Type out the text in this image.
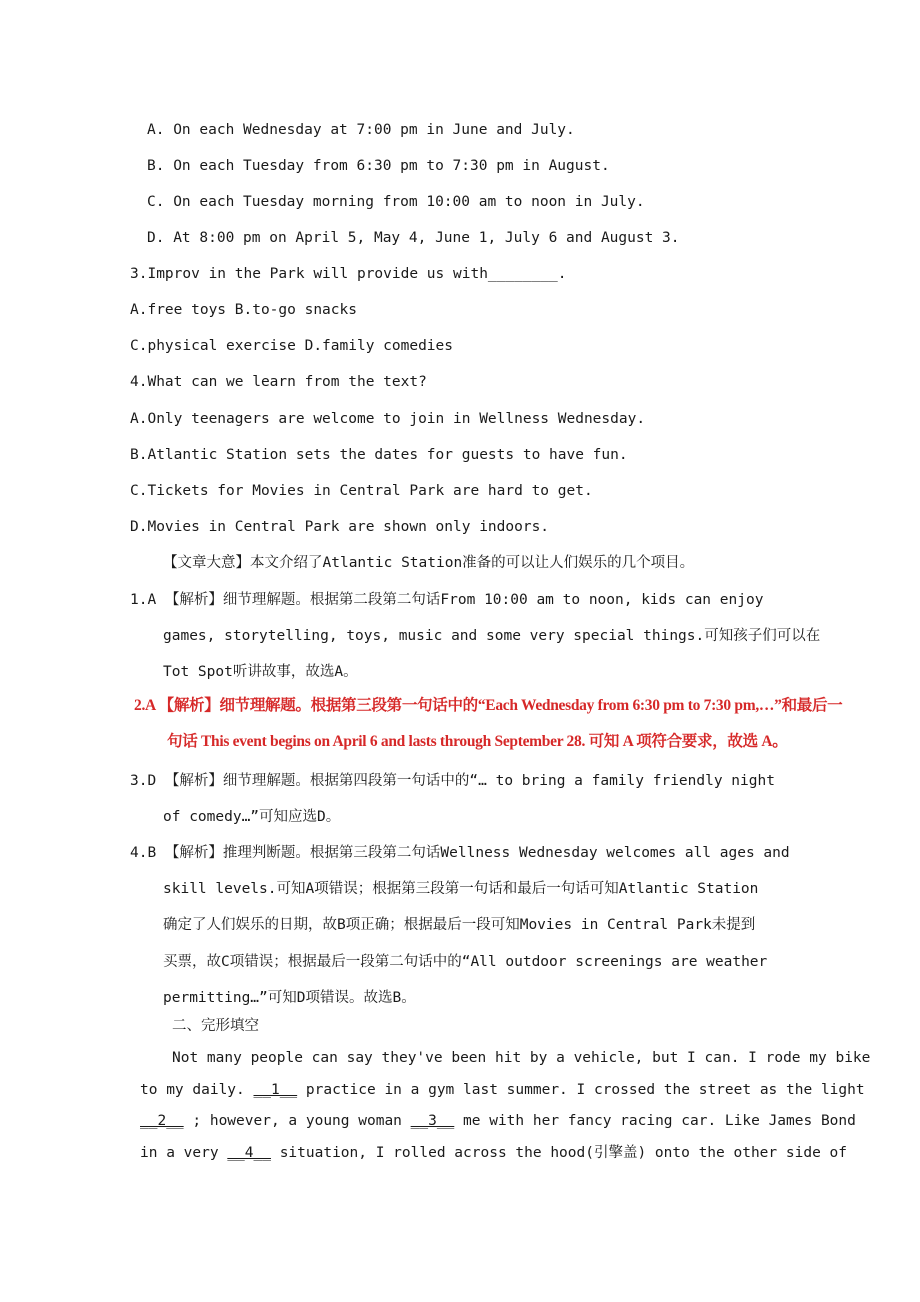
A. On each Wednesday at 7:00 pm in June and July.
B. On each Tuesday from 6:30 pm to 7:30 pm in August.
C. On each Tuesday morning from 10:00 am to noon in July.
D. At 8:00 pm on April 5, May 4, June 1, July 6 and August 3.
3.Improv in the Park will provide us with________.
A.free toys B.to-go snacks
C.physical exercise D.family comedies
4.What can we learn from the text?
A.Only teenagers are welcome to join in Wellness Wednesday.
B.Atlantic Station sets the dates for guests to have fun.
C.Tickets for Movies in Central Park are hard to get.
D.Movies in Central Park are shown only indoors.
【文章大意】本文介绍了Atlantic Station准备的可以让人们娱乐的几个项目。
1.A 【解析】细节理解题。根据第二段第二句话From 10:00 am to noon, kids can enjoy
games, storytelling, toys, music and some very special things.可知孩子们可以在
Tot Spot听讲故事，故选A。
2.A 【解析】细节理解题。根据第三段第一句话中的“Each Wednesday from 6:30 pm to 7:30 pm,…”和最后一
句话 This event begins on April 6 and lasts through September 28. 可知 A 项符合要求，故选 A。
3.D 【解析】细节理解题。根据第四段第一句话中的“… to bring a family friendly night
of comedy…”可知应选D。
4.B 【解析】推理判断题。根据第三段第二句话Wellness Wednesday welcomes all ages and
skill levels.可知A项错误；根据第三段第一句话和最后一句话可知Atlantic Station
确定了人们娱乐的日期，故B项正确；根据最后一段可知Movies in Central Park未提到
买票，故C项错误；根据最后一段第二句话中的“All outdoor screenings are weather
permitting…”可知D项错误。故选B。
二、完形填空
Not many people can say they've been hit by a vehicle, but I can. I rode my bike
to my daily. __1__ practice in a gym last summer. I crossed the street as the light
__2__ ; however, a young woman __3__ me with her fancy racing car. Like James Bond
in a very __4__ situation, I rolled across the hood(引擎盖) onto the other side of
